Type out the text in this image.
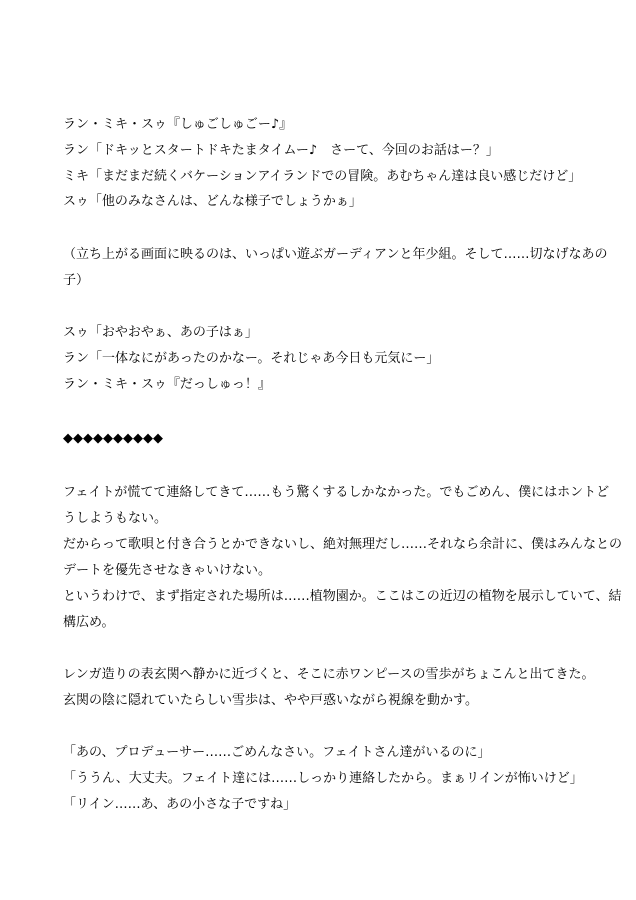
ラン・ミキ・スゥ『しゅごしゅごー♪』
ラン「ドキッとスタートドキたまタイムー♪　さーて、今回のお話はー？」
ミキ「まだまだ続くバケーションアイランドでの冒険。あむちゃん達は良い感じだけど」
スゥ「他のみなさんは、どんな様子でしょうかぁ」
（立ち上がる画面に映るのは、いっぱい遊ぶガーディアンと年少組。そして……切なげなあの
子）
スゥ「おやおやぁ、あの子はぁ」
ラン「一体なにがあったのかなー。それじゃあ今日も元気にー」
ラン・ミキ・スゥ『だっしゅっ！』
◆◆◆◆◆◆◆◆◆◆
フェイトが慌てて連絡してきて……もう驚くするしかなかった。でもごめん、僕にはホントど
うしようもない。
だからって歌唄と付き合うとかできないし、絶対無理だし……それなら余計に、僕はみんなとの
デートを優先させなきゃいけない。
というわけで、まず指定された場所は……植物園か。ここはこの近辺の植物を展示していて、結
構広め。
レンガ造りの表玄関へ静かに近づくと、そこに赤ワンピースの雪歩がちょこんと出てきた。
玄関の陰に隠れていたらしい雪歩は、やや戸惑いながら視線を動かす。
「あの、プロデューサー……ごめんなさい。フェイトさん達がいるのに」
「ううん、大丈夫。フェイト達には……しっかり連絡したから。まぁリインが怖いけど」
「リイン……あ、あの小さな子ですね」
